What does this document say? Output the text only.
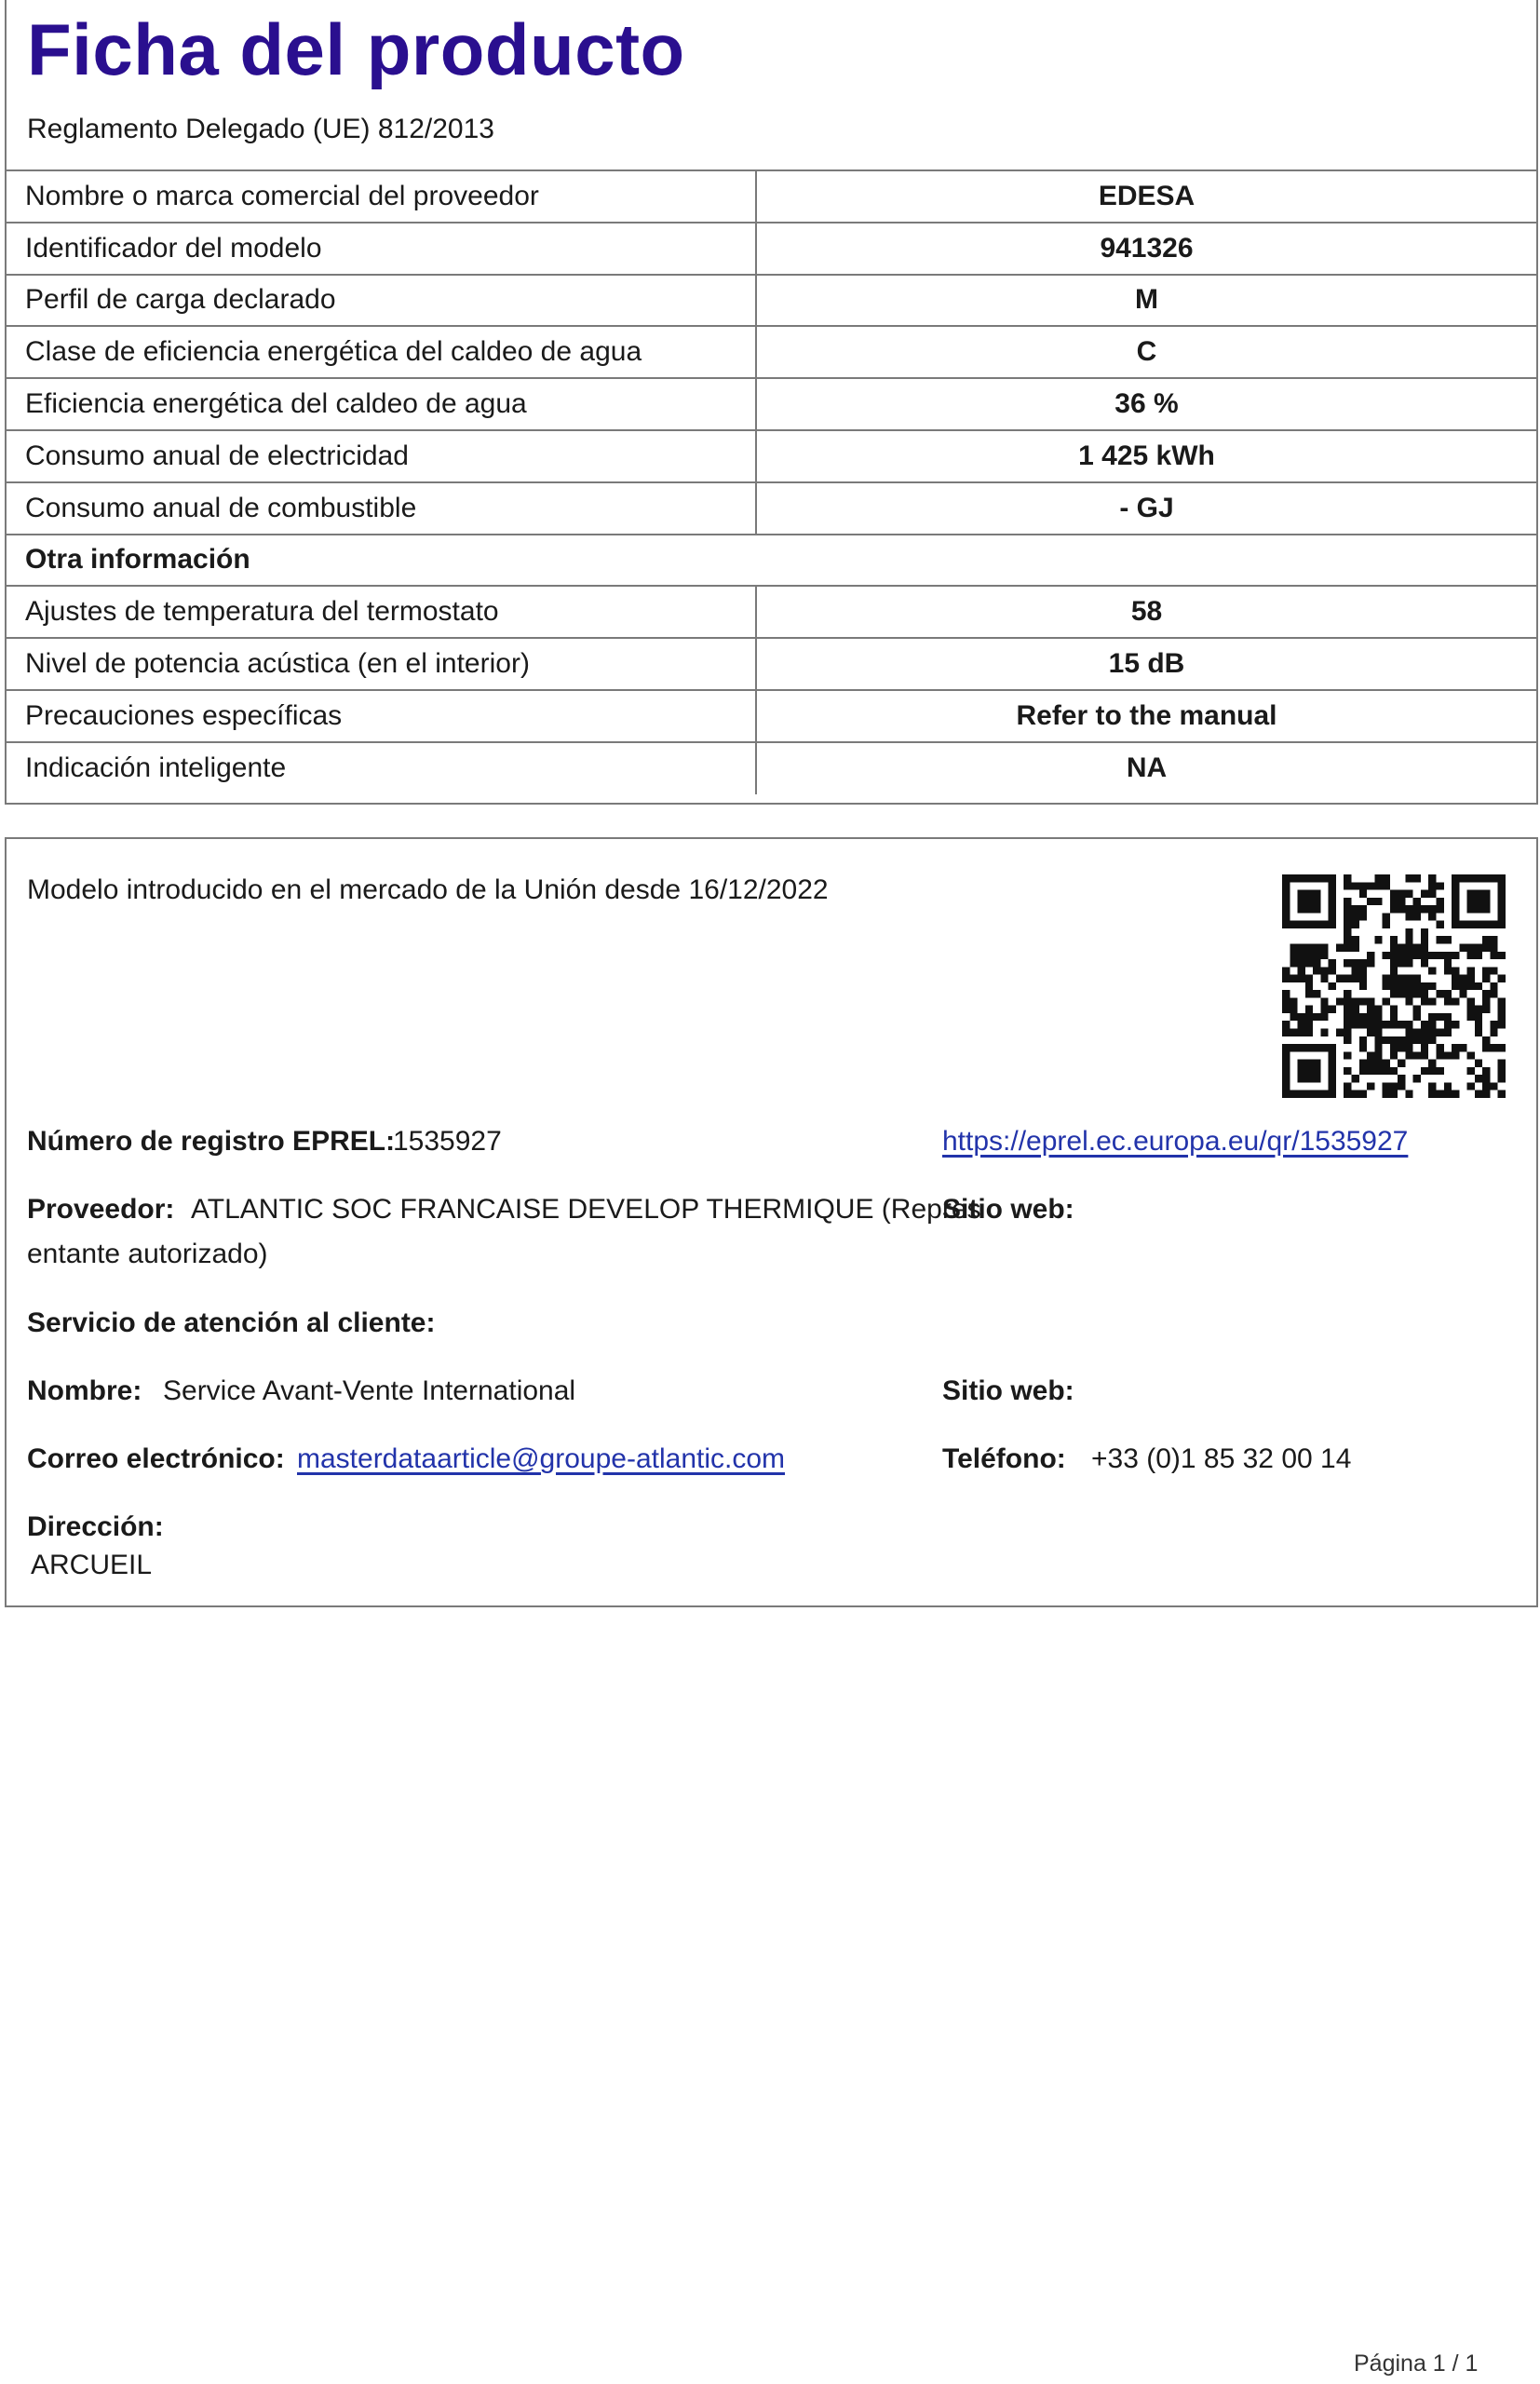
Ficha del producto
Reglamento Delegado (UE) 812/2013
Nombre o marca comercial del proveedor	EDESA
Identificador del modelo	941326
Perfil de carga declarado	M
Clase de eficiencia energética del caldeo de agua	C
Eficiencia energética del caldeo de agua	36 %
Consumo anual de electricidad	1 425 kWh
Consumo anual de combustible	- GJ
Otra información	
Ajustes de temperatura del termostato	58
Nivel de potencia acústica (en el interior)	15 dB
Precauciones específicas	Refer to the manual
Indicación inteligente	NA
Modelo introducido en el mercado de la Unión desde 16/12/2022
Número de registro EPREL:
1535927	https://eprel.ec.europa.eu/qr/1535927
Proveedor: ATLANTIC SOC FRANCAISE DEVELOP THERMIQUE (Repres
entante autorizado)
Sitio web:
Servicio de atención al cliente:
Nombre: Service Avant-Vente International	Sitio web:
Correo electrónico: masterdataarticle@groupe-atlantic.com	Teléfono: +33 (0)1 85 32 00 14
Dirección:
ARCUEIL
Página 1 / 1
